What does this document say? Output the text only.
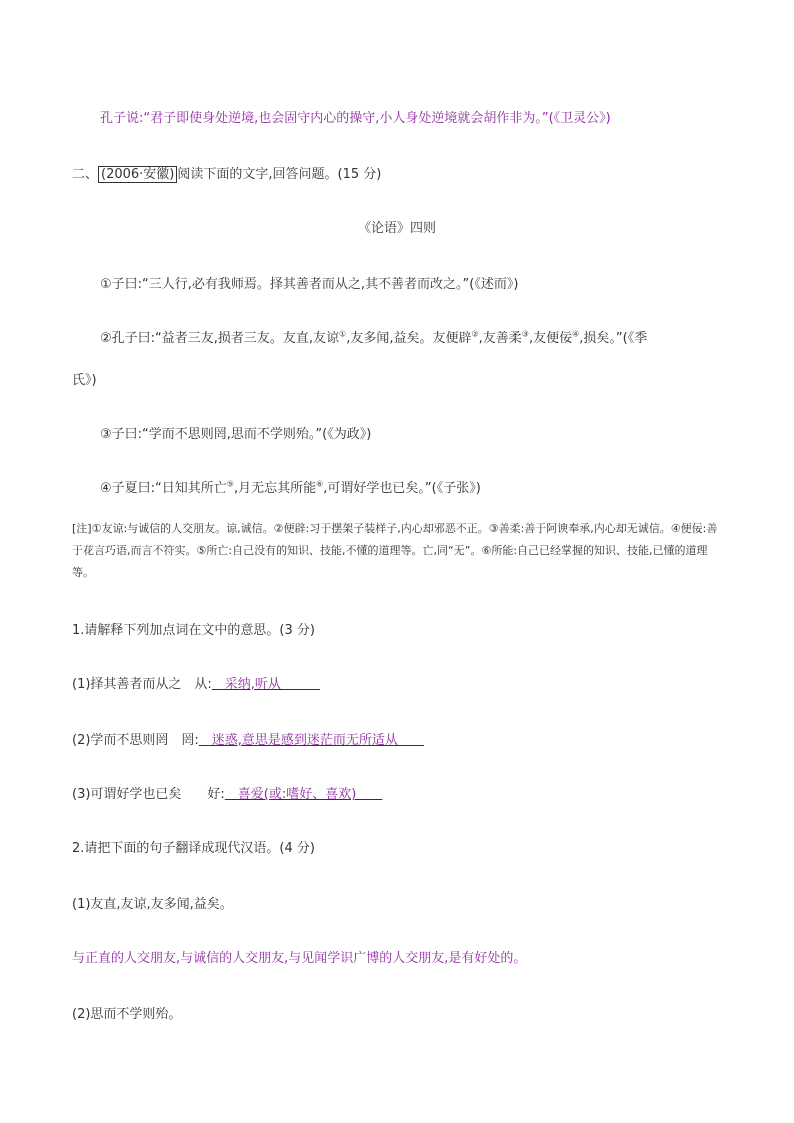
孔子说:“君子即使身处逆境,也会固守内心的操守,小人身处逆境就会胡作非为。”(《卫灵公》)
二、 (2006·安徽) 阅读下面的文字,回答问题。(15 分)
《论语》四则
①子曰:“三人行,必有我师焉。择其善者而从之,其不善者而改之。”(《述而》)
②孔子曰:“益者三友,损者三友。友直,友谅①,友多闻,益矣。友便辟②,友善柔③,友便佞④,损矣。”(《季
氏》)
③子曰:“学而不思则罔,思而不学则殆。”(《为政》)
④子夏曰:“日知其所亡⑤,月无忘其所能⑥,可谓好学也已矣。”(《子张》)
[注]①友谅:与诚信的人交朋友。谅,诚信。②便辟:习于摆架子装样子,内心却邪恶不正。③善柔:善于阿谀奉承,内心却无诚信。④便佞:善于花言巧语,而言不符实。⑤所亡:自己没有的知识、技能,不懂的道理等。亡,同“无”。⑥所能:自己已经掌握的知识、技能,已懂的道理等。
1.请解释下列加点词在文中的意思。(3 分)
(1)择其善者而从之　从:　采纳,听从　　　
(2)学而不思则罔　罔:　迷惑,意思是感到迷茫而无所适从　　
(3)可谓好学也已矣　　好:　喜爱(或:嗜好、喜欢)　　
2.请把下面的句子翻译成现代汉语。(4 分)
(1)友直,友谅,友多闻,益矣。
与正直的人交朋友,与诚信的人交朋友,与见闻学识广博的人交朋友,是有好处的。
(2)思而不学则殆。
